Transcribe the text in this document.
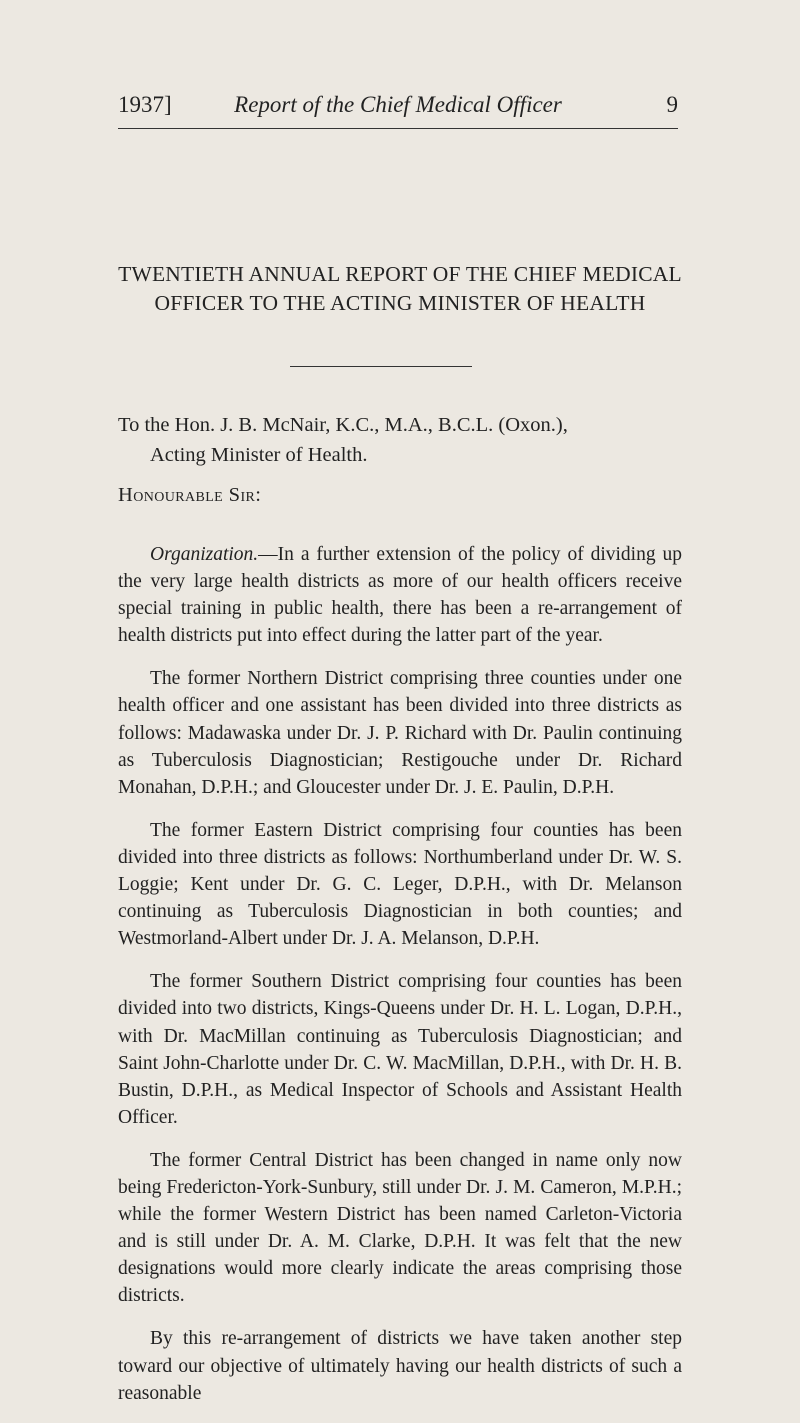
1937]	Report of the Chief Medical Officer	9
TWENTIETH ANNUAL REPORT OF THE CHIEF MEDICAL
OFFICER TO THE ACTING MINISTER OF HEALTH
To the Hon. J. B. McNair, K.C., M.A., B.C.L. (Oxon.),
Acting Minister of Health.
Honourable Sir:

Organization.—In a further extension of the policy of dividing up the very large health districts as more of our health officers receive special training in public health, there has been a re-arrangement of health districts put into effect during the latter part of the year.

The former Northern District comprising three counties under one health officer and one assistant has been divided into three districts as follows: Madawaska under Dr. J. P. Richard with Dr. Paulin continuing as Tuberculosis Diagnostician; Restigouche under Dr. Richard Monahan, D.P.H.; and Gloucester under Dr. J. E. Paulin, D.P.H.

The former Eastern District comprising four counties has been divided into three districts as follows: Northumberland under Dr. W. S. Loggie; Kent under Dr. G. C. Leger, D.P.H., with Dr. Melanson continuing as Tuberculosis Diagnostician in both counties; and Westmorland-Albert under Dr. J. A. Melanson, D.P.H.

The former Southern District comprising four counties has been divided into two districts, Kings-Queens under Dr. H. L. Logan, D.P.H., with Dr. MacMillan continuing as Tuberculosis Diagnostician; and Saint John-Charlotte under Dr. C. W. MacMillan, D.P.H., with Dr. H. B. Bustin, D.P.H., as Medical Inspector of Schools and Assistant Health Officer.

The former Central District has been changed in name only now being Fredericton-York-Sunbury, still under Dr. J. M. Cameron, M.P.H.; while the former Western District has been named Carleton-Victoria and is still under Dr. A. M. Clarke, D.P.H. It was felt that the new designations would more clearly indicate the areas comprising those districts.

By this re-arrangement of districts we have taken another step toward our objective of ultimately having our health districts of such a reasonable
